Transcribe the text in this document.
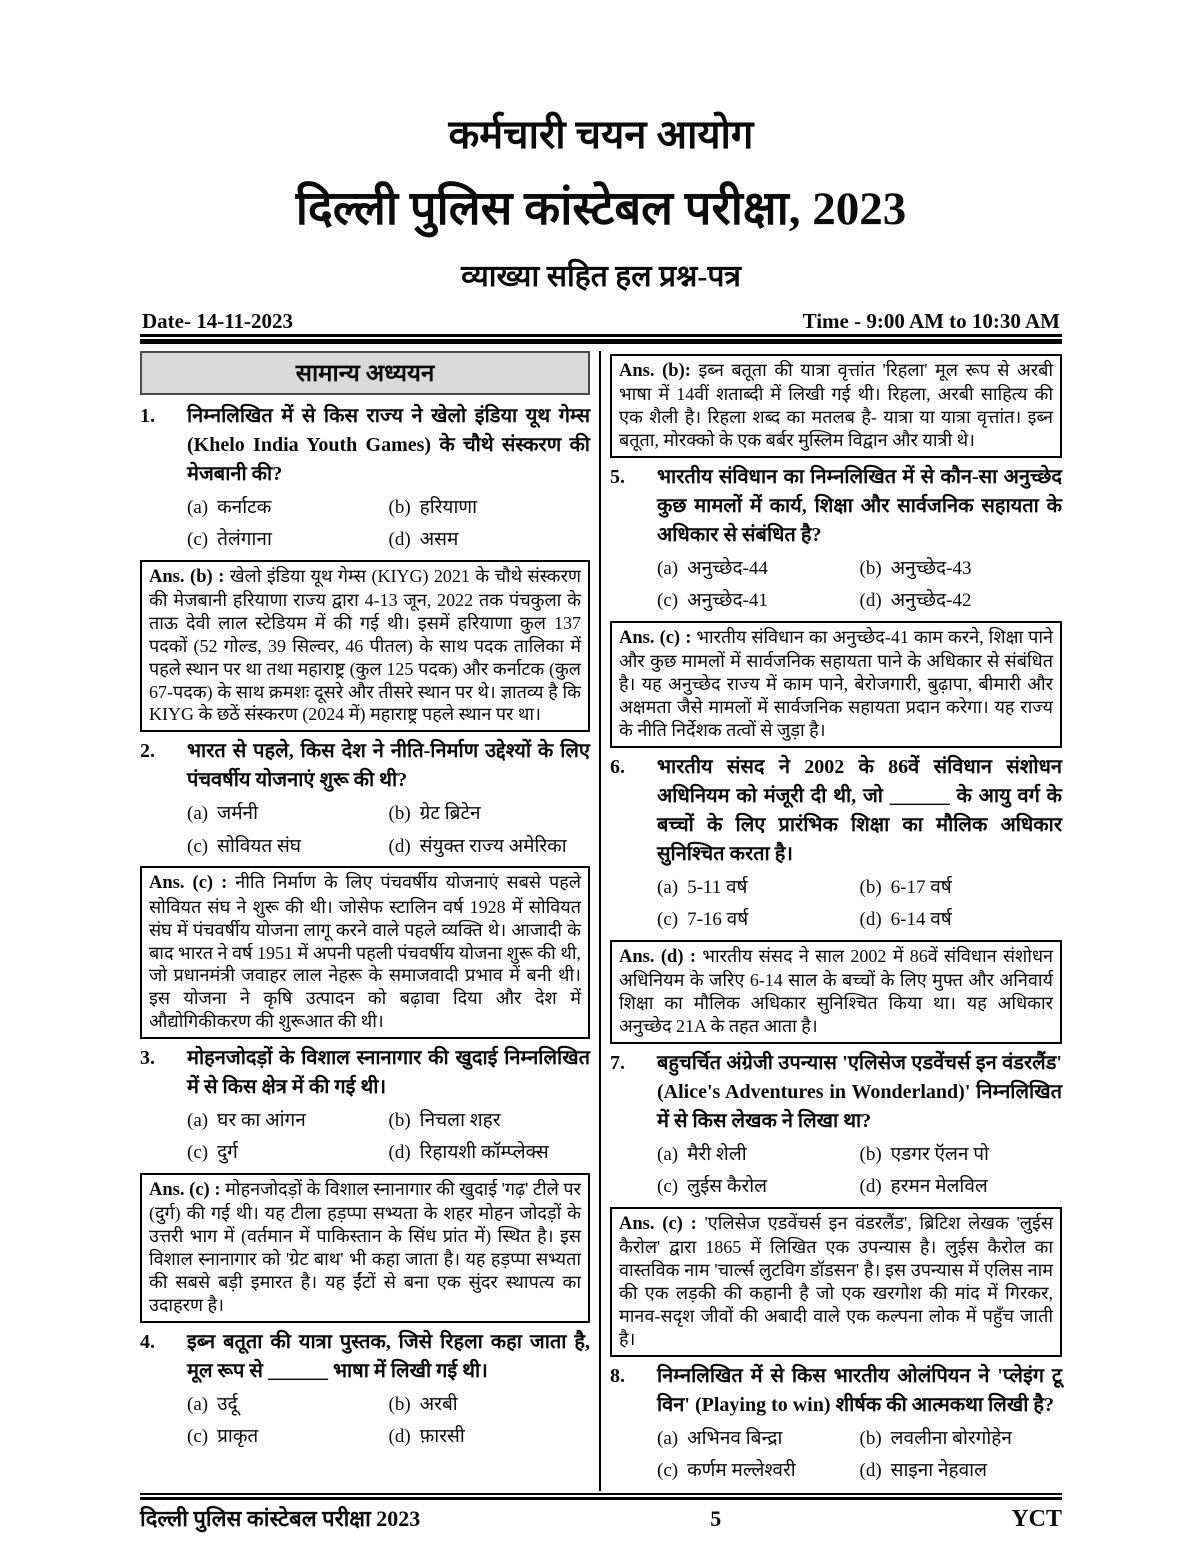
कर्मचारी चयन आयोग
दिल्ली पुलिस कांस्टेबल परीक्षा, 2023
व्याख्या सहित हल प्रश्न-पत्र
Date- 14-11-2023	Time - 9:00 AM to 10:30 AM
सामान्य अध्ययन
1.	निम्नलिखित में से किस राज्य ने खेलो इंडिया यूथ गेम्स (Khelo India Youth Games) के चौथे संस्करण की मेजबानी की?
(a) कर्नाटक	(b) हरियाणा
(c) तेलंगाना	(d) असम
Ans. (b) : खेलो इंडिया यूथ गेम्स (KIYG) 2021 के चौथे संस्करण की मेजबानी हरियाणा राज्य द्वारा 4-13 जून, 2022 तक पंचकुला के ताऊ देवी लाल स्टेडियम में की गई थी। इसमें हरियाणा कुल 137 पदकों (52 गोल्ड, 39 सिल्वर, 46 पीतल) के साथ पदक तालिका में पहले स्थान पर था तथा महाराष्ट्र (कुल 125 पदक) और कर्नाटक (कुल 67-पदक) के साथ क्रमशः दूसरे और तीसरे स्थान पर थे। ज्ञातव्य है कि KIYG के छठें संस्करण (2024 में) महाराष्ट्र पहले स्थान पर था।
2.	भारत से पहले, किस देश ने नीति-निर्माण उद्देश्यों के लिए पंचवर्षीय योजनाएं शुरू की थी?
(a) जर्मनी	(b) ग्रेट ब्रिटेन
(c) सोवियत संघ	(d) संयुक्त राज्य अमेरिका
Ans. (c) : नीति निर्माण के लिए पंचवर्षीय योजनाएं सबसे पहले सोवियत संघ ने शुरू की थी। जोसेफ स्टालिन वर्ष 1928 में सोवियत संघ में पंचवर्षीय योजना लागू करने वाले पहले व्यक्ति थे। आजादी के बाद भारत ने वर्ष 1951 में अपनी पहली पंचवर्षीय योजना शुरू की थी, जो प्रधानमंत्री जवाहर लाल नेहरू के समाजवादी प्रभाव में बनी थी। इस योजना ने कृषि उत्पादन को बढ़ावा दिया और देश में औद्योगिकीकरण की शुरूआत की थी।
3.	मोहनजोदड़ों के विशाल स्नानागार की खुदाई निम्नलिखित में से किस क्षेत्र में की गई थी।
(a) घर का आंगन	(b) निचला शहर
(c) दुर्ग	(d) रिहायशी कॉम्प्लेक्स
Ans. (c) : मोहनजोदड़ों के विशाल स्नानागार की खुदाई 'गढ़' टीले पर (दुर्ग) की गई थी। यह टीला हड़प्पा सभ्यता के शहर मोहन जोदड़ों के उत्तरी भाग में (वर्तमान में पाकिस्तान के सिंध प्रांत में) स्थित है। इस विशाल स्नानागार को 'ग्रेट बाथ' भी कहा जाता है। यह हड़प्पा सभ्यता की सबसे बड़ी इमारत है। यह ईंटों से बना एक सुंदर स्थापत्य का उदाहरण है।
4.	इब्न बतूता की यात्रा पुस्तक, जिसे रिहला कहा जाता है, मूल रूप से ______ भाषा में लिखी गई थी।
(a) उर्दू	(b) अरबी
(c) प्राकृत	(d) फ़ारसी
Ans. (b): इब्न बतूता की यात्रा वृत्तांत 'रिहला' मूल रूप से अरबी भाषा में 14वीं शताब्दी में लिखी गई थी। रिहला, अरबी साहित्य की एक शैली है। रिहला शब्द का मतलब है- यात्रा या यात्रा वृत्तांत। इब्न बतूता, मोरक्को के एक बर्बर मुस्लिम विद्वान और यात्री थे।
5.	भारतीय संविधान का निम्नलिखित में से कौन-सा अनुच्छेद कुछ मामलों में कार्य, शिक्षा और सार्वजनिक सहायता के अधिकार से संबंधित है?
(a) अनुच्छेद-44	(b) अनुच्छेद-43
(c) अनुच्छेद-41	(d) अनुच्छेद-42
Ans. (c) : भारतीय संविधान का अनुच्छेद-41 काम करने, शिक्षा पाने और कुछ मामलों में सार्वजनिक सहायता पाने के अधिकार से संबंधित है। यह अनुच्छेद राज्य में काम पाने, बेरोजगारी, बुढ़ापा, बीमारी और अक्षमता जैसे मामलों में सार्वजनिक सहायता प्रदान करेगा। यह राज्य के नीति निर्देशक तत्वों से जुड़ा है।
6.	भारतीय संसद ने 2002 के 86वें संविधान संशोधन अधिनियम को मंजूरी दी थी, जो ______ के आयु वर्ग के बच्चों के लिए प्रारंभिक शिक्षा का मौलिक अधिकार सुनिश्चित करता है।
(a) 5-11 वर्ष	(b) 6-17 वर्ष
(c) 7-16 वर्ष	(d) 6-14 वर्ष
Ans. (d) : भारतीय संसद ने साल 2002 में 86वें संविधान संशोधन अधिनियम के जरिए 6-14 साल के बच्चों के लिए मुफ्त और अनिवार्य शिक्षा का मौलिक अधिकार सुनिश्चित किया था। यह अधिकार अनुच्छेद 21A के तहत आता है।
7.	बहुचर्चित अंग्रेजी उपन्यास 'एलिसेज एडवेंचर्स इन वंडरलैंड' (Alice's Adventures in Wonderland)' निम्नलिखित में से किस लेखक ने लिखा था?
(a) मैरी शेली	(b) एडगर ऍलन पो
(c) लुईस कैरोल	(d) हरमन मेलविल
Ans. (c) : 'एलिसेज एडवेंचर्स इन वंडरलैंड', ब्रिटिश लेखक 'लुईस कैरोल' द्वारा 1865 में लिखित एक उपन्यास है। लुईस कैरोल का वास्तविक नाम 'चार्ल्स लुटविग डॉडसन' है। इस उपन्यास में एलिस नाम की एक लड़की की कहानी है जो एक खरगोश की मांद में गिरकर, मानव-सदृश जीवों की अबादी वाले एक कल्पना लोक में पहुँच जाती है।
8.	निम्नलिखित में से किस भारतीय ओलंपियन ने 'प्लेइंग टू विन' (Playing to win) शीर्षक की आत्मकथा लिखी है?
(a) अभिनव बिन्द्रा	(b) लवलीना बोरगोहेन
(c) कर्णम मल्लेश्वरी	(d) साइना नेहवाल
दिल्ली पुलिस कांस्टेबल परीक्षा 2023	5	YCT
